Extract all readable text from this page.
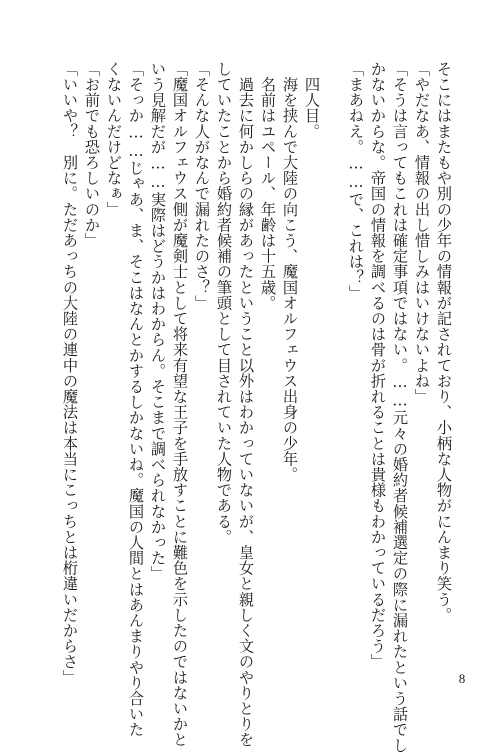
そこにはまたもや別の少年の情報が記されており、小柄な人物がにんまり笑う。
「やだなあ、情報の出し惜しみはいけないよね」
「そうは言ってもこれは確定事項ではない。……元々の婚約者候補選定の際に漏れたという話でし
かないからな。帝国の情報を調べるのは骨が折れることは貴様もわかっているだろう」
「まあねえ。……で、これは？」
　四人目。
　海を挟んで大陸の向こう、魔国オルフェウス出身の少年。
　名前はユペール、年齢は十五歳。
　過去に何かしらの縁があったということ以外はわかっていないが、皇女と親しく文のやりとりを
していたことから婚約者候補の筆頭として目されていた人物である。
「そんな人がなんで漏れたのさ？」
「魔国オルフェウス側が魔剣士として将来有望な王子を手放すことに難色を示したのではないかと
いう見解だが……実際はどうかはわからん。そこまで調べられなかった」
「そっか……じゃあ、ま、そこはなんとかするしかないね。魔国の人間とはあんまりやり合いた
くないんだけどなぁ」
「お前でも恐ろしいのか」
「いいや？　別に。ただあっちの大陸の連中の魔法は本当にこっちとは桁違いだからさ」	8
